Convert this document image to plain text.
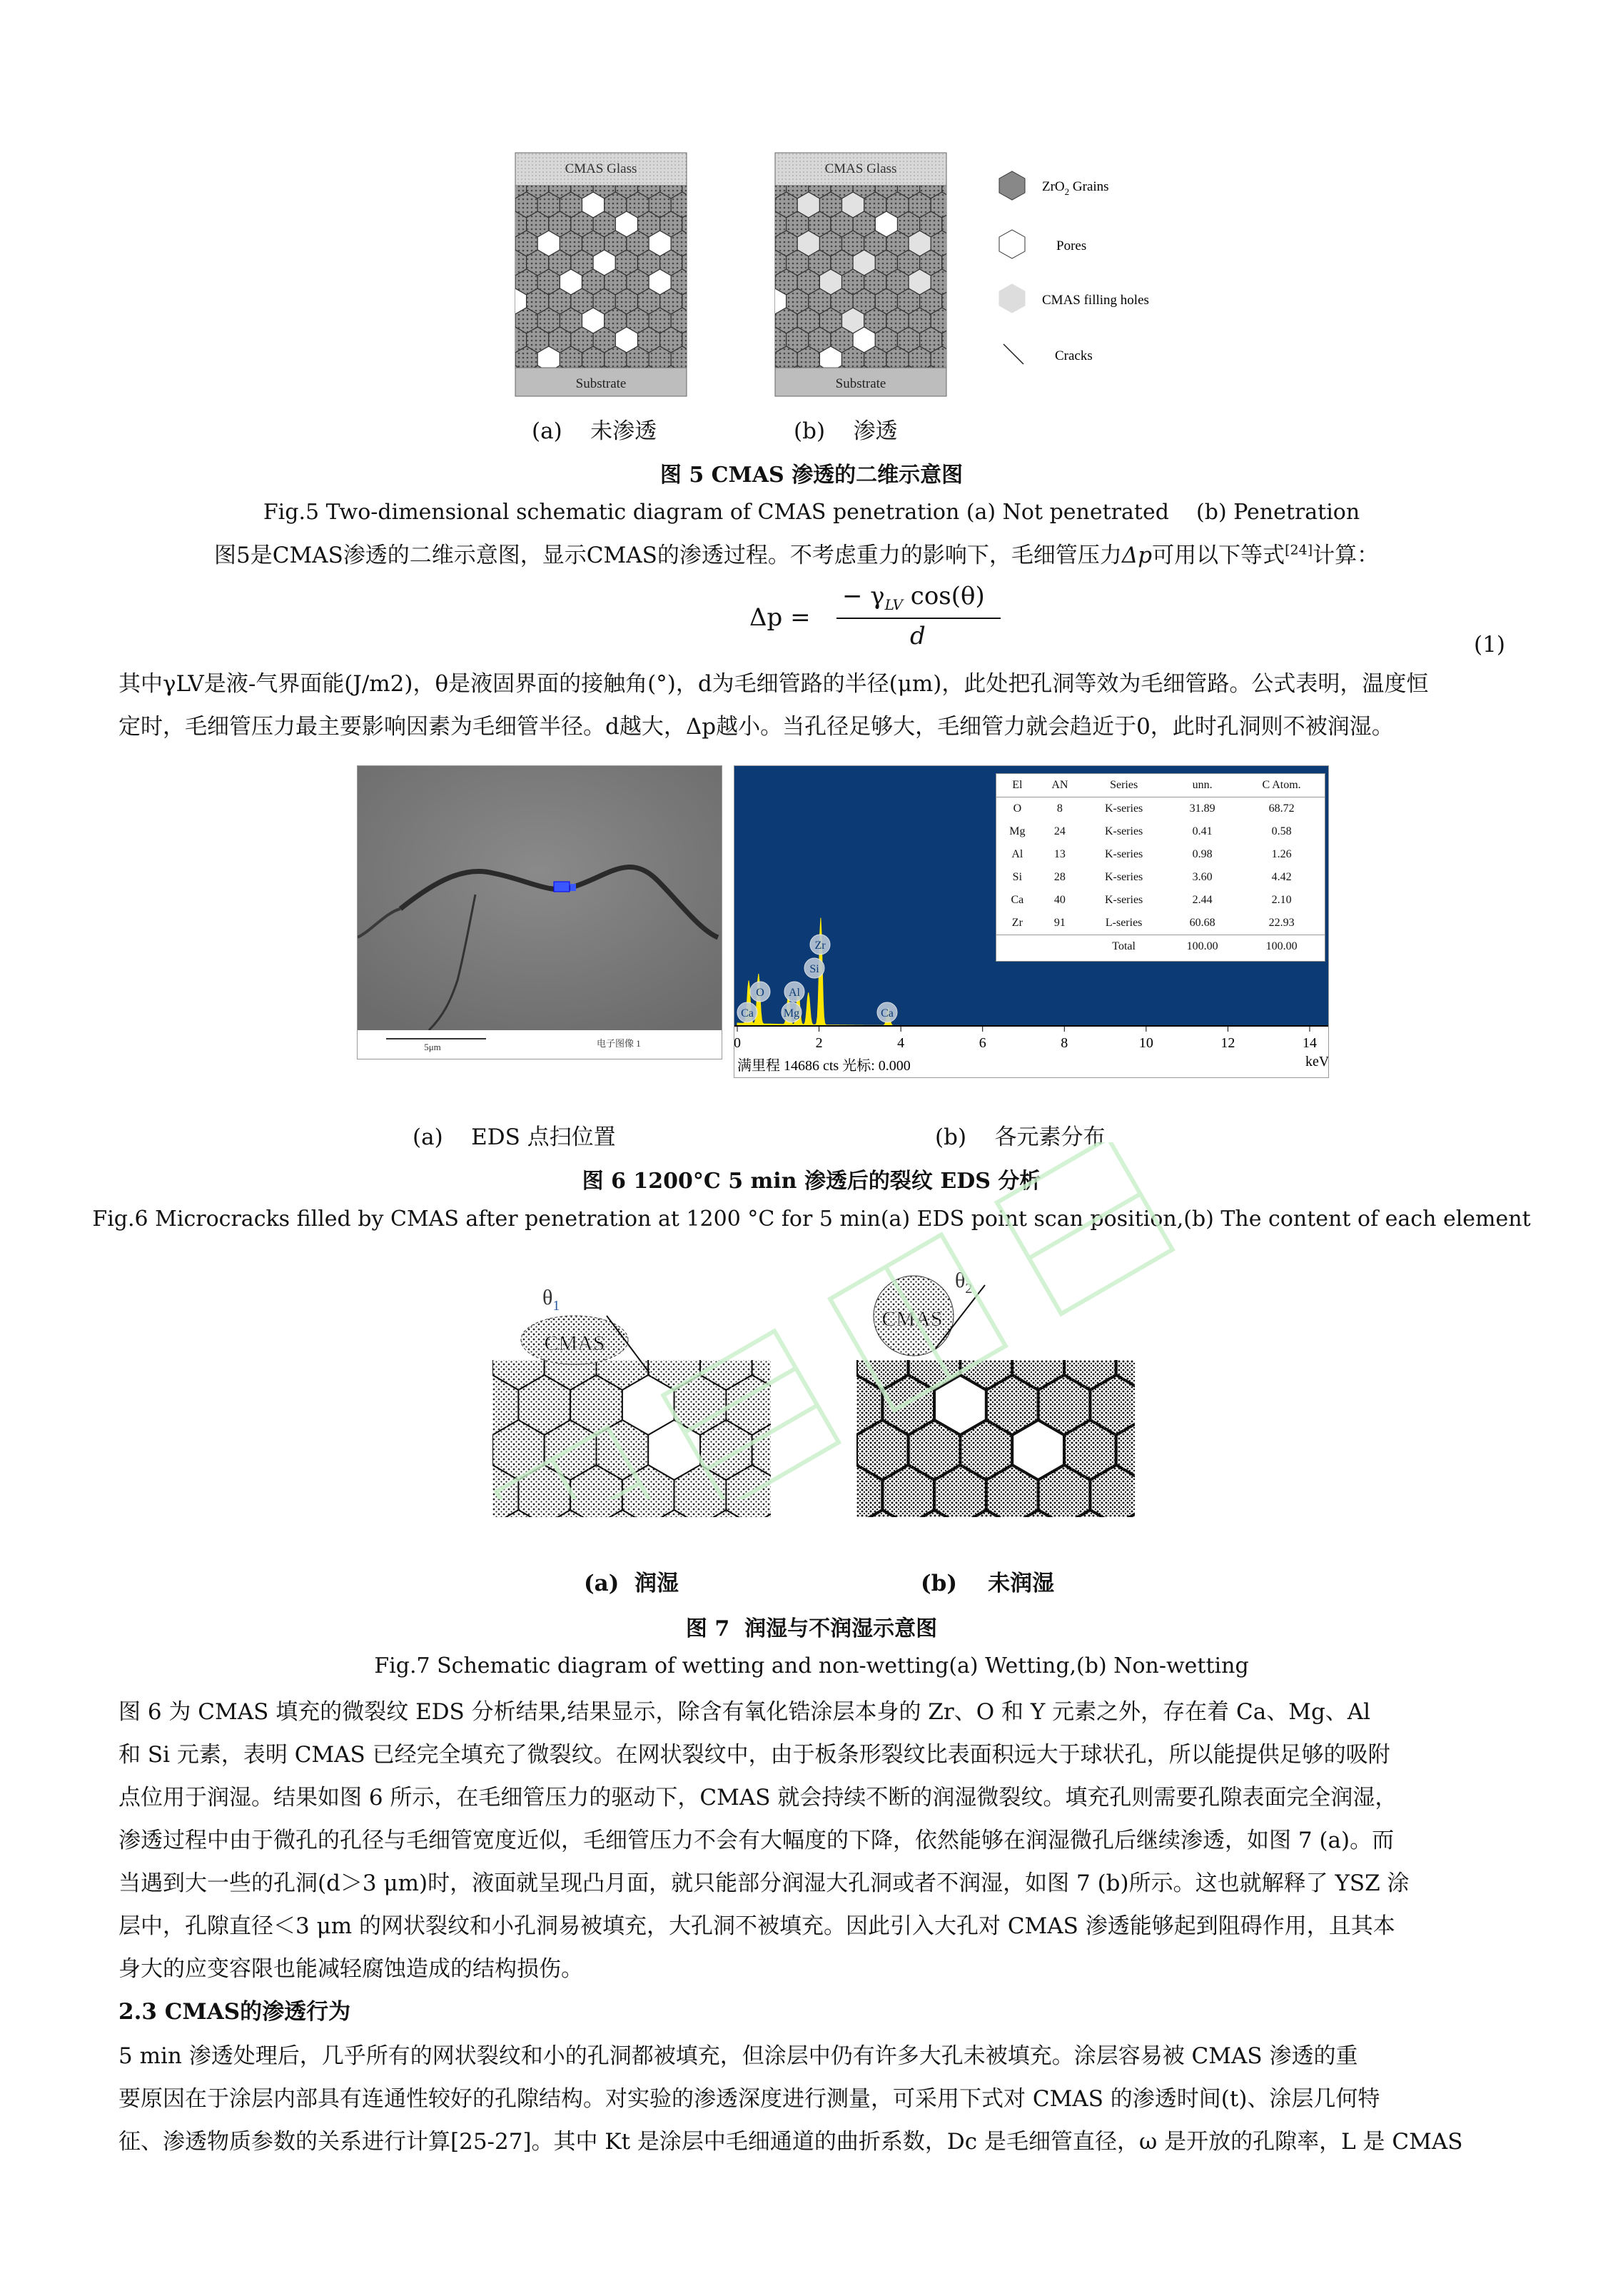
CMAS Glass
Substrate
CMAS Glass
Substrate
ZrO$_2$ Grains
Pores
CMAS filling holes
Cracks
(a)    未渗透	(b)    渗透
图 5 CMAS 渗透的二维示意图
Fig.5 Two-dimensional schematic diagram of CMAS penetration (a) Not penetrated    (b) Penetration
图5是CMAS渗透的二维示意图，显示CMAS的渗透过程。不考虑重力的影响下，毛细管压力Δp可用以下等式[24]计算：
Δp =
− $\gamma_{LV}$ cos(θ)
d	(1)
其中γLV是液-气界面能(J/m2)，θ是液固界面的接触角(°)，d为毛细管路的半径(μm)，此处把孔洞等效为毛细管路。公式表明，温度恒
定时，毛细管压力最主要影响因素为毛细管半径。d越大，Δp越小。当孔径足够大，毛细管力就会趋近于0，此时孔洞则不被润湿。
5μm	电子图像 1
Zr
Si
O Al
Ca	Mg	Ca
0	2	4	6	8	10	12	14
keV
满里程 14686 cts 光标: 0.000
El	AN	Series	unn.	C Atom.
O	8	K-series	31.89	68.72
Mg	24	K-series	0.41	0.58
Al	13	K-series	0.98	1.26
Si	28	K-series	3.60	4.42
Ca	40	K-series	2.44	2.10
Zr	91	L-series	60.68	22.93
		Total	100.00	100.00
(a)    EDS 点扫位置	(b)    各元素分布
图 6 1200°C 5 min 渗透后的裂纹 EDS 分析
Fig.6 Microcracks filled by CMAS after penetration at 1200 °C for 5 min(a) EDS point scan position,(b) The content of each element
CMAS
$\theta_1$
CMAS
$\theta_2$
(a)  润湿	(b)    未润湿
图 7  润湿与不润湿示意图
Fig.7 Schematic diagram of wetting and non-wetting(a) Wetting,(b) Non-wetting
图 6 为 CMAS 填充的微裂纹 EDS 分析结果,结果显示，除含有氧化锆涂层本身的 Zr、O 和 Y 元素之外，存在着 Ca、Mg、Al
和 Si 元素，表明 CMAS 已经完全填充了微裂纹。在网状裂纹中，由于板条形裂纹比表面积远大于球状孔，所以能提供足够的吸附
点位用于润湿。结果如图 6 所示，在毛细管压力的驱动下，CMAS 就会持续不断的润湿微裂纹。填充孔则需要孔隙表面完全润湿，
渗透过程中由于微孔的孔径与毛细管宽度近似，毛细管压力不会有大幅度的下降，依然能够在润湿微孔后继续渗透，如图 7 (a)。而
当遇到大一些的孔洞(d＞3 μm)时，液面就呈现凸月面，就只能部分润湿大孔洞或者不润湿，如图 7 (b)所示。这也就解释了 YSZ 涂
层中，孔隙直径＜3 μm 的网状裂纹和小孔洞易被填充，大孔洞不被填充。因此引入大孔对 CMAS 渗透能够起到阻碍作用，且其本
身大的应变容限也能减轻腐蚀造成的结构损伤。
2.3 CMAS的渗透行为
5 min 渗透处理后，几乎所有的网状裂纹和小的孔洞都被填充，但涂层中仍有许多大孔未被填充。涂层容易被 CMAS 渗透的重
要原因在于涂层内部具有连通性较好的孔隙结构。对实验的渗透深度进行测量，可采用下式对 CMAS 的渗透时间(t)、涂层几何特
征、渗透物质参数的关系进行计算[25-27]。其中 Kt 是涂层中毛细通道的曲折系数，Dc 是毛细管直径，ω 是开放的孔隙率，L 是 CMAS
